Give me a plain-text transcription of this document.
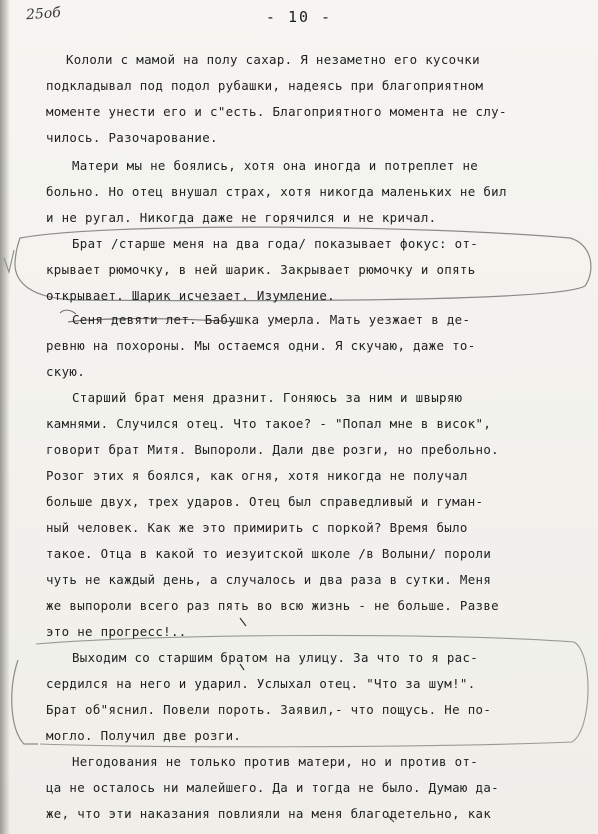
25об	- 10 -
Кололи с мамой на полу сахар. Я незаметно его кусочки
подкладывал под подол рубашки, надеясь при благоприятном
моменте унести его и с"есть. Благоприятного момента не слу-
чилось. Разочарование.
Матери мы не боялись, хотя она иногда и потреплет не
больно. Но отец внушал страх, хотя никогда маленьких не бил
и не ругал. Никогда даже не горячился и не кричал.
Брат /старше меня на два года/ показывает фокус: от-
крывает рюмочку, в ней шарик. Закрывает рюмочку и опять
открывает. Шарик исчезает. Изумление.
Сеня девяти лет. Бабушка умерла. Мать уезжает в де-
ревню на похороны. Мы остаемся одни. Я скучаю, даже то-
скую.
Старший брат меня дразнит. Гоняюсь за ним и швыряю
камнями. Случился отец. Что такое? - "Попал мне в висок",
говорит брат Митя. Выпороли. Дали две розги, но пребольно.
Розог этих я боялся, как огня, хотя никогда не получал
больше двух, трех ударов. Отец был справедливый и гуман-
ный человек. Как же это примирить с поркой? Время было
такое. Отца в какой то иезуитской школе /в Волыни/ пороли
чуть не каждый день, а случалось и два раза в сутки. Меня
же выпороли всего раз пять во всю жизнь - не больше. Разве
это не прогресс!..
Выходим со старшим братом на улицу. За что то я рас-
сердился на него и ударил. Услыхал отец. "Что за шум!".
Брат об"яснил. Повели пороть. Заявил,- что пощусь. Не по-
могло. Получил две розги.
Негодования не только против матери, но и против от-
ца не осталось ни малейшего. Да и тогда не было. Думаю да-
же, что эти наказания повлияли на меня благодетельно, как
